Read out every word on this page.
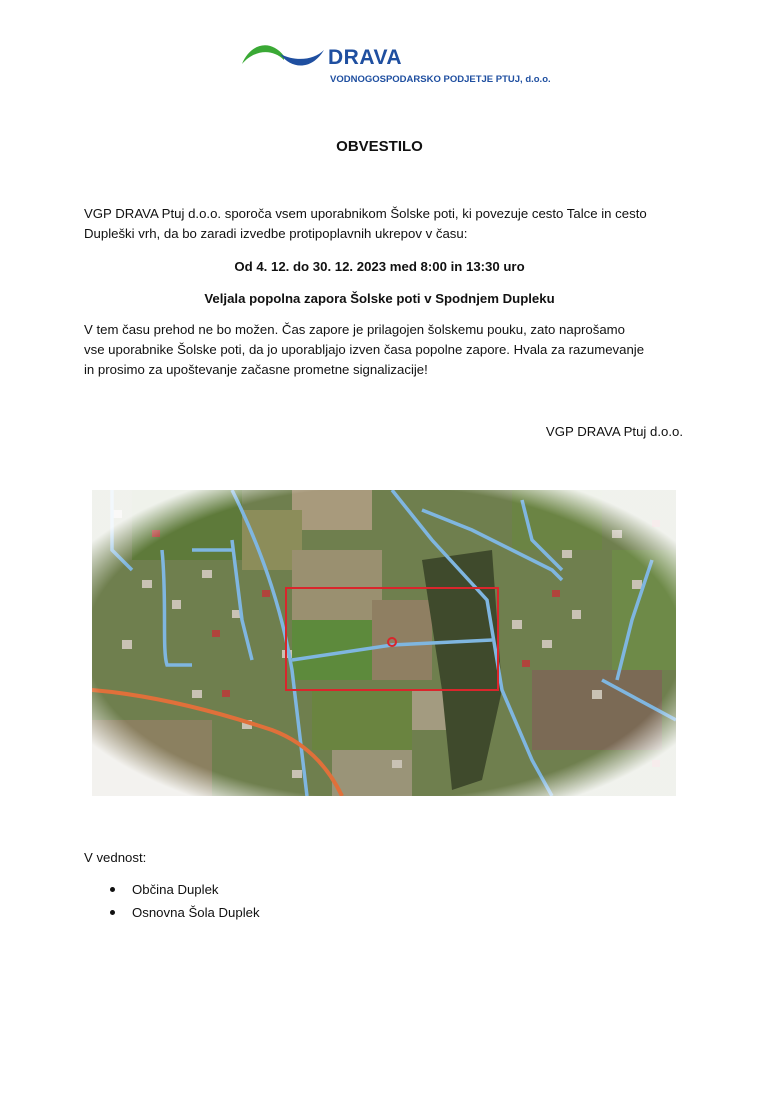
DRAVA
VODNOGOSPODARSKO PODJETJE PTUJ, d.o.o.
OBVESTILO
VGP DRAVA Ptuj d.o.o. sporoča vsem uporabnikom Šolske poti, ki povezuje cesto Talce in cesto
Dupleški vrh, da bo zaradi izvedbe protipoplavnih ukrepov v času:
Od 4. 12. do 30. 12. 2023 med 8:00 in 13:30 uro
Veljala popolna zapora Šolske poti v Spodnjem Dupleku
V tem času prehod ne bo možen. Čas zapore je prilagojen šolskemu pouku, zato naprošamo
vse uporabnike Šolske poti, da jo uporabljajo izven časa popolne zapore. Hvala za razumevanje
in prosimo za upoštevanje začasne prometne signalizacije!
VGP DRAVA Ptuj d.o.o.
V vednost:
Občina Duplek
Osnovna Šola Duplek
